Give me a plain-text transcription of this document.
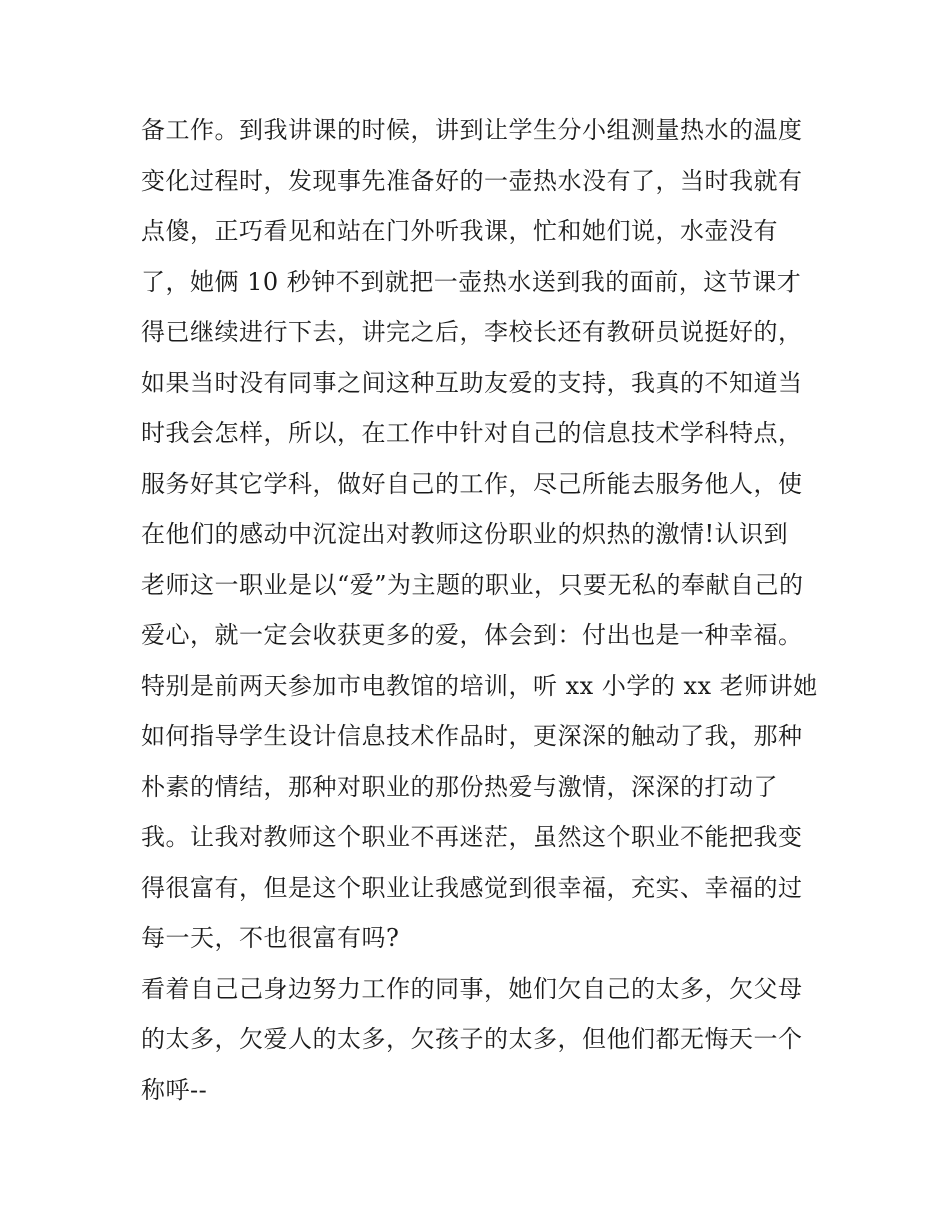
备工作。到我讲课的时候，讲到让学生分小组测量热水的温度
变化过程时，发现事先准备好的一壶热水没有了，当时我就有
点傻，正巧看见和站在门外听我课，忙和她们说，水壶没有
了，她俩 10 秒钟不到就把一壶热水送到我的面前，这节课才
得已继续进行下去，讲完之后，李校长还有教研员说挺好的，
如果当时没有同事之间这种互助友爱的支持，我真的不知道当
时我会怎样，所以，在工作中针对自己的信息技术学科特点，
服务好其它学科，做好自己的工作，尽己所能去服务他人，使
在他们的感动中沉淀出对教师这份职业的炽热的激情!认识到
老师这一职业是以“爱”为主题的职业，只要无私的奉献自己的
爱心，就一定会收获更多的爱，体会到：付出也是一种幸福。
特别是前两天参加市电教馆的培训，听 xx 小学的 xx 老师讲她
如何指导学生设计信息技术作品时，更深深的触动了我，那种
朴素的情结，那种对职业的那份热爱与激情，深深的打动了
我。让我对教师这个职业不再迷茫，虽然这个职业不能把我变
得很富有，但是这个职业让我感觉到很幸福，充实、幸福的过
每一天，不也很富有吗?
看着自己己身边努力工作的同事，她们欠自己的太多，欠父母
的太多，欠爱人的太多，欠孩子的太多，但他们都无悔天一个
称呼--
